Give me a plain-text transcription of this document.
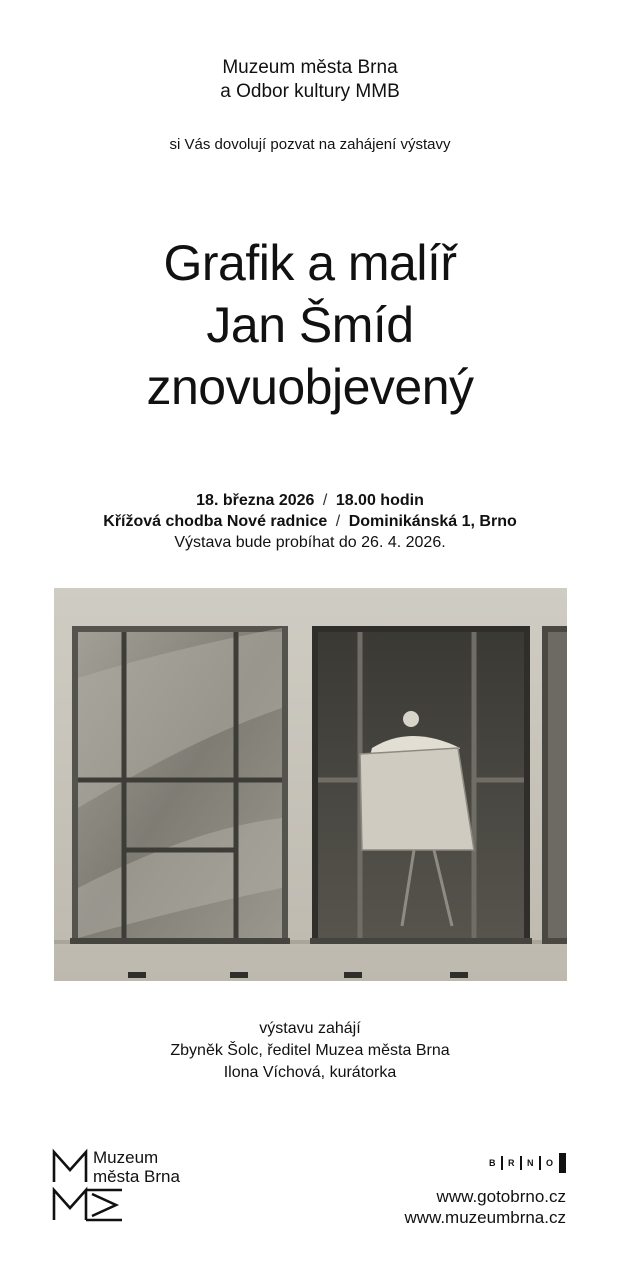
Muzeum města Brna
a Odbor kultury MMB
si Vás dovolují pozvat na zahájení výstavy
Grafik a malíř
Jan Šmíd
znovuobjevený
18. března 2026 / 18.00 hodin
Křížová chodba Nové radnice / Dominikánská 1, Brno
Výstava bude probíhat do 26. 4. 2026.
výstavu zahájí
Zbyněk Šolc, ředitel Muzea města Brna
Ilona Víchová, kurátorka
Muzeum
města Brna
B R N O
www.gotobrno.cz
www.muzeumbrna.cz
